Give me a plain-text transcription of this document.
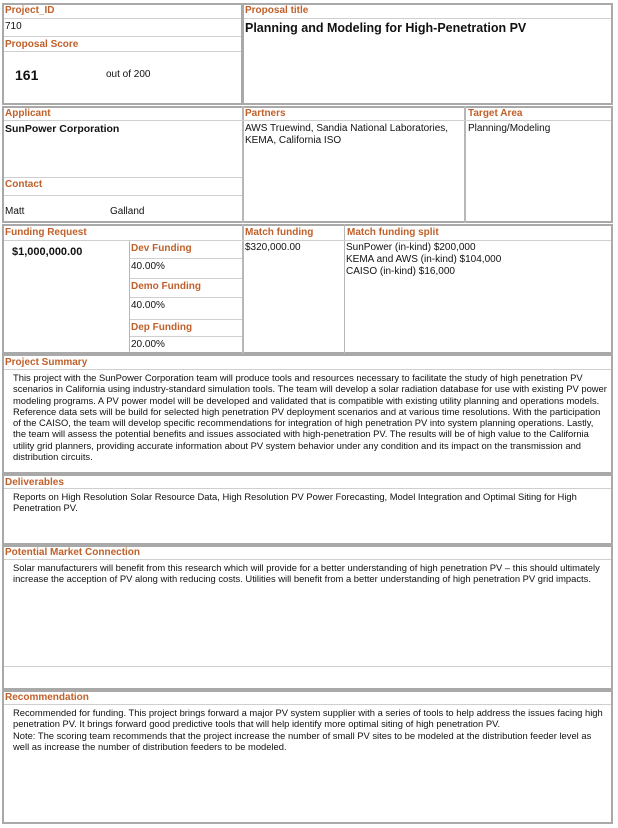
Project_ID
710
Proposal Score
161	out of 200
Proposal title
Planning and Modeling for High-Penetration PV
Applicant
SunPower Corporation
Partners
AWS Truewind, Sandia National Laboratories, KEMA, California ISO
Target Area
Planning/Modeling
Contact
Matt	Galland
Funding Request
$1,000,000.00	Dev Funding
40.00%
Demo Funding
40.00%
Dep Funding
20.00%
Match funding
$320,000.00
Match funding split
SunPower (in-kind) $200,000
KEMA and AWS (in-kind) $104,000
CAISO (in-kind) $16,000
Project Summary

This project with the SunPower Corporation team will produce tools and resources necessary to facilitate the study of high penetration PV scenarios in California using industry-standard simulation tools. The team will develop a solar radiation database for use with existing PV power modeling programs. A PV power model will be developed and validated that is compatible with existing utility planning and operations models. Reference data sets will be build for selected high penetration PV deployment scenarios and at various time resolutions. With the participation of the CAISO, the team will develop specific recommendations for integration of high penetration PV into system planning operations. Lastly, the team will assess the potential benefits and issues associated with high-penetration PV. The results will be of high value to the California utility grid planners, providing accurate information about PV system behavior under any condition and its impact on the transmission and distribution circuits.

Deliverables

Reports on High Resolution Solar Resource Data, High Resolution PV Power Forecasting, Model Integration and Optimal Siting for High Penetration PV.

Potential Market Connection

Solar manufacturers will benefit from this research which will provide for a better understanding of high penetration PV – this should ultimately increase the acception of PV along with reducing costs. Utilities will benefit from a better understanding of high penetration PV grid impacts.

Recommendation

Recommended for funding. This project brings forward a major PV system supplier with a series of tools to help address the issues facing high penetration PV. It brings forward good predictive tools that will help identify more optimal siting of high penetration PV.

Note: The scoring team recommends that the project increase the number of small PV sites to be modeled at the distribution feeder level as well as increase the number of distribution feeders to be modeled.
